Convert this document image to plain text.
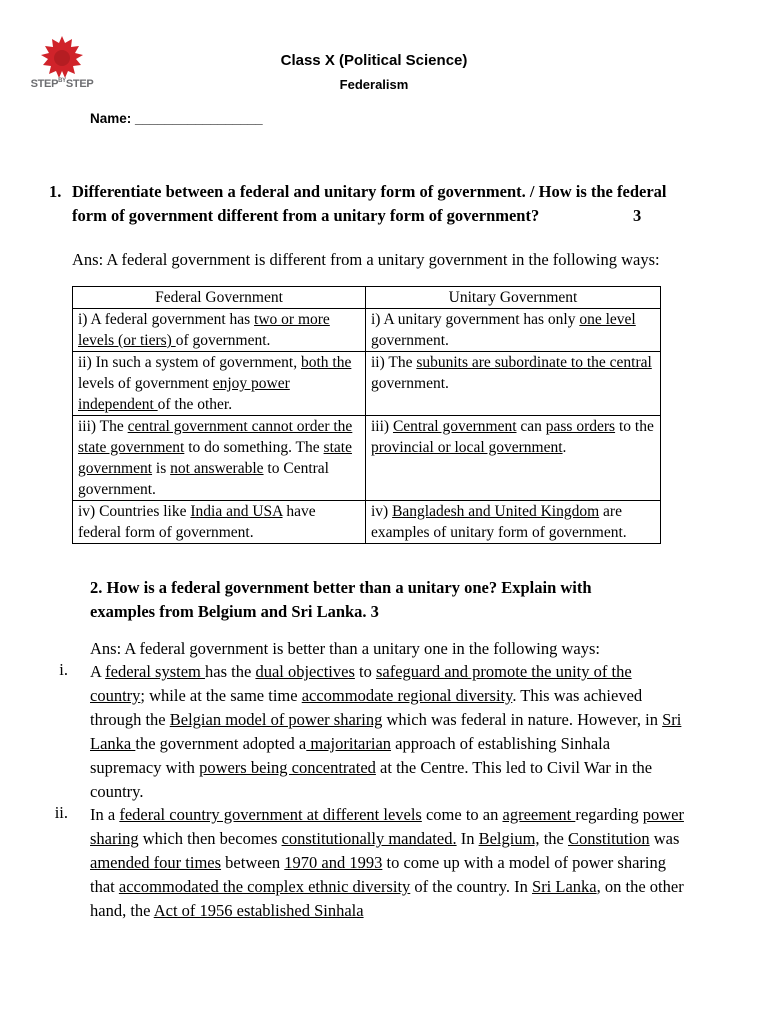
$STEP^{BY}STEP$
Class X (Political Science)
Federalism
Name: _________________
1. Differentiate between a federal and unitary form of government. / How is the federal
form of government different from a unitary form of government?	3
Ans: A federal government is different from a unitary government in the following ways:
Federal Government	Unitary Government
i) A federal government has two or more levels (or tiers) of government.	i) A unitary government has only one level government.
ii) In such a system of government, both the levels of government enjoy power independent of the other.	ii) The subunits are subordinate to the central government.
iii) The central government cannot order the state government to do something. The state government is not answerable to Central government.	iii) Central government can pass orders to the provincial or local government.
iv) Countries like India and USA have federal form of government.	iv) Bangladesh and United Kingdom are examples of unitary form of government.
2. How is a federal government better than a unitary one? Explain with
examples from Belgium and Sri Lanka. 3
Ans: A federal government is better than a unitary one in the following ways:
i. A federal system has the dual objectives to safeguard and promote the unity of the country; while at the same time accommodate regional diversity. This was achieved through the Belgian model of power sharing which was federal in nature. However, in Sri Lanka the government adopted a majoritarian approach of establishing Sinhala supremacy with powers being concentrated at the Centre. This led to Civil War in the country.
ii. In a federal country government at different levels come to an agreement regarding power sharing which then becomes constitutionally mandated. In Belgium, the Constitution was amended four times between 1970 and 1993 to come up with a model of power sharing that accommodated the complex ethnic diversity of the country. In Sri Lanka, on the other hand, the Act of 1956 established Sinhala
